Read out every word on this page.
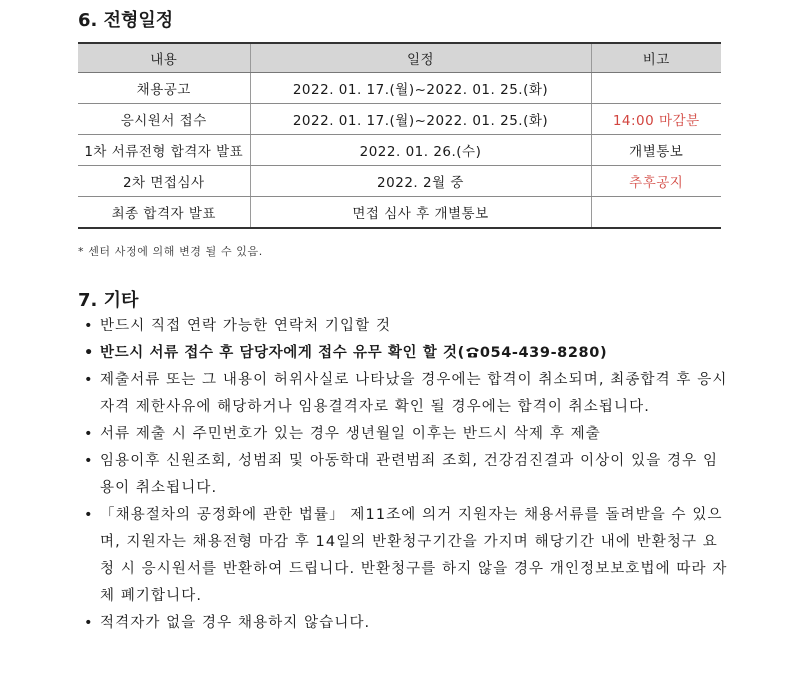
6. 전형일정
내용	일정	비고
채용공고	2022. 01. 17.(월)~2022. 01. 25.(화)	
응시원서 접수	2022. 01. 17.(월)~2022. 01. 25.(화)	14:00 마감분
1차 서류전형 합격자 발표	2022. 01. 26.(수)	개별통보
2차 면접심사	2022. 2월 중	추후공지
최종 합격자 발표	면접 심사 후 개별통보	
* 센터 사정에 의해 변경 될 수 있음.
7. 기타
• 반드시 직접 연락 가능한 연락처 기입할 것
• 반드시 서류 접수 후 담당자에게 접수 유무 확인 할 것( 054-439-8280)
• 제출서류 또는 그 내용이 허위사실로 나타났을 경우에는 합격이 취소되며, 최종합격 후 응시자격 제한사유에 해당하거나 임용결격자로 확인 될 경우에는 합격이 취소됩니다.
• 서류 제출 시 주민번호가 있는 경우 생년월일 이후는 반드시 삭제 후 제출
• 임용이후 신원조회, 성범죄 및 아동학대 관련범죄 조회, 건강검진결과 이상이 있을 경우 임용이 취소됩니다.
• 「채용절차의 공정화에 관한 법률」 제11조에 의거 지원자는 채용서류를 돌려받을 수 있으며, 지원자는 채용전형 마감 후 14일의 반환청구기간을 가지며 해당기간 내에 반환청구 요청 시 응시원서를 반환하여 드립니다. 반환청구를 하지 않을 경우 개인정보보호법에 따라 자체 폐기합니다.
• 적격자가 없을 경우 채용하지 않습니다.
